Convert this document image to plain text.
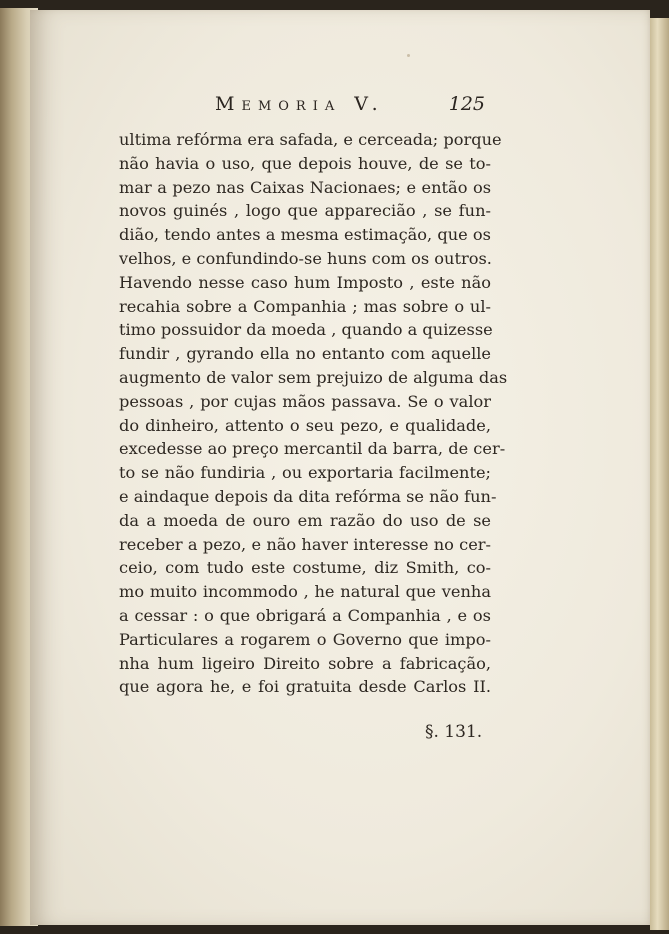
Memoria V.	125
ultima refórma era safada, e cerceada; porque
não havia o uso, que depois houve, de se to-
mar a pezo nas Caixas Nacionaes; e então os
novos guinés , logo que apparecião , se fun-
dião, tendo antes a mesma estimação, que os
velhos, e confundindo-se huns com os outros.
Havendo nesse caso hum Imposto , este não
recahia sobre a Companhia ; mas sobre o ul-
timo possuidor da moeda , quando a quizesse
fundir , gyrando ella no entanto com aquelle
augmento de valor sem prejuizo de alguma das
pessoas , por cujas mãos passava. Se o valor
do dinheiro, attento o seu pezo, e qualidade,
excedesse ao preço mercantil da barra, de cer-
to se não fundiria , ou exportaria facilmente;
e aindaque depois da dita refórma se não fun-
da a moeda de ouro em razão do uso de se
receber a pezo, e não haver interesse no cer-
ceio, com tudo este costume, diz Smith, co-
mo muito incommodo , he natural que venha
a cessar : o que obrigará a Companhia , e os
Particulares a rogarem o Governo que impo-
nha hum ligeiro Direito sobre a fabricação,
que agora he, e foi gratuita desde Carlos II.
§. 131.
